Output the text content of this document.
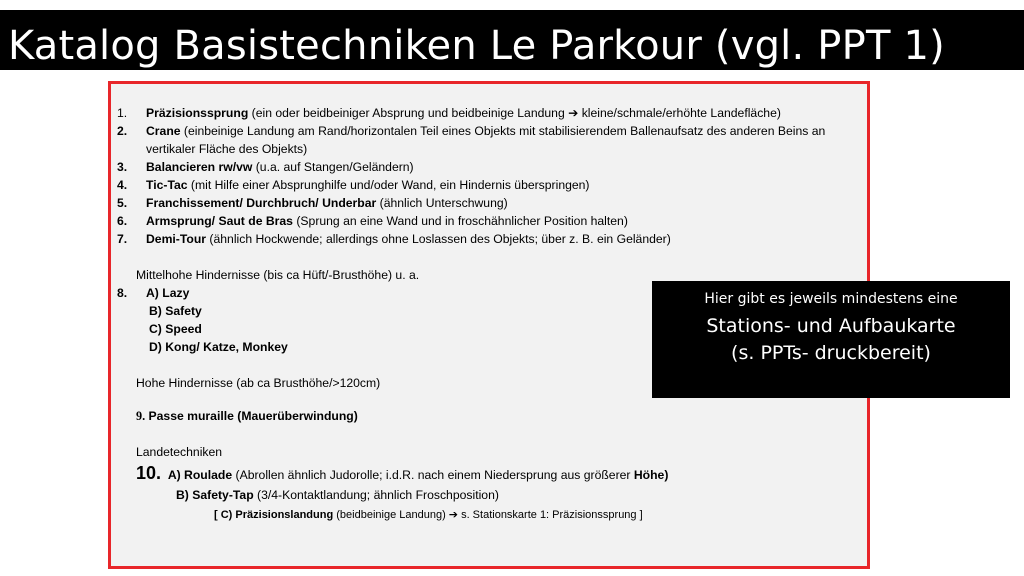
Katalog Basistechniken Le Parkour (vgl. PPT 1)
1. Präzisionssprung (ein oder beidbeiniger Absprung und beidbeinige Landung ➔ kleine/schmale/erhöhte Landefläche)
2. Crane (einbeinige Landung am Rand/horizontalen Teil eines Objekts mit stabilisierendem Ballenaufsatz des anderen Beins an
vertikaler Fläche des Objekts)
3. Balancieren rw/vw (u.a. auf Stangen/Geländern)
4. Tic-Tac (mit Hilfe einer Absprunghilfe und/oder Wand, ein Hindernis überspringen)
5. Franchissement/ Durchbruch/ Underbar (ähnlich Unterschwung)
6. Armsprung/ Saut de Bras (Sprung an eine Wand und in froschähnlicher Position halten)
7. Demi-Tour (ähnlich Hockwende; allerdings ohne Loslassen des Objekts; über z. B. ein Geländer)
Mittelhohe Hindernisse (bis ca Hüft/-Brusthöhe) u. a.
8. A) Lazy
B) Safety
C) Speed
D) Kong/ Katze, Monkey
Hohe Hindernisse (ab ca Brusthöhe/>120cm)
9. Passe muraille (Mauerüberwindung)
Landetechniken
10. A) Roulade (Abrollen ähnlich Judorolle; i.d.R. nach einem Niedersprung aus größerer Höhe)
B) Safety-Tap (3/4-Kontaktlandung; ähnlich Froschposition)
[ C) Präzisionslandung (beidbeinige Landung) ➔ s. Stationskarte 1: Präzisionssprung ]
Hier gibt es jeweils mindestens eine
Stations- und Aufbaukarte
(s. PPTs- druckbereit)
